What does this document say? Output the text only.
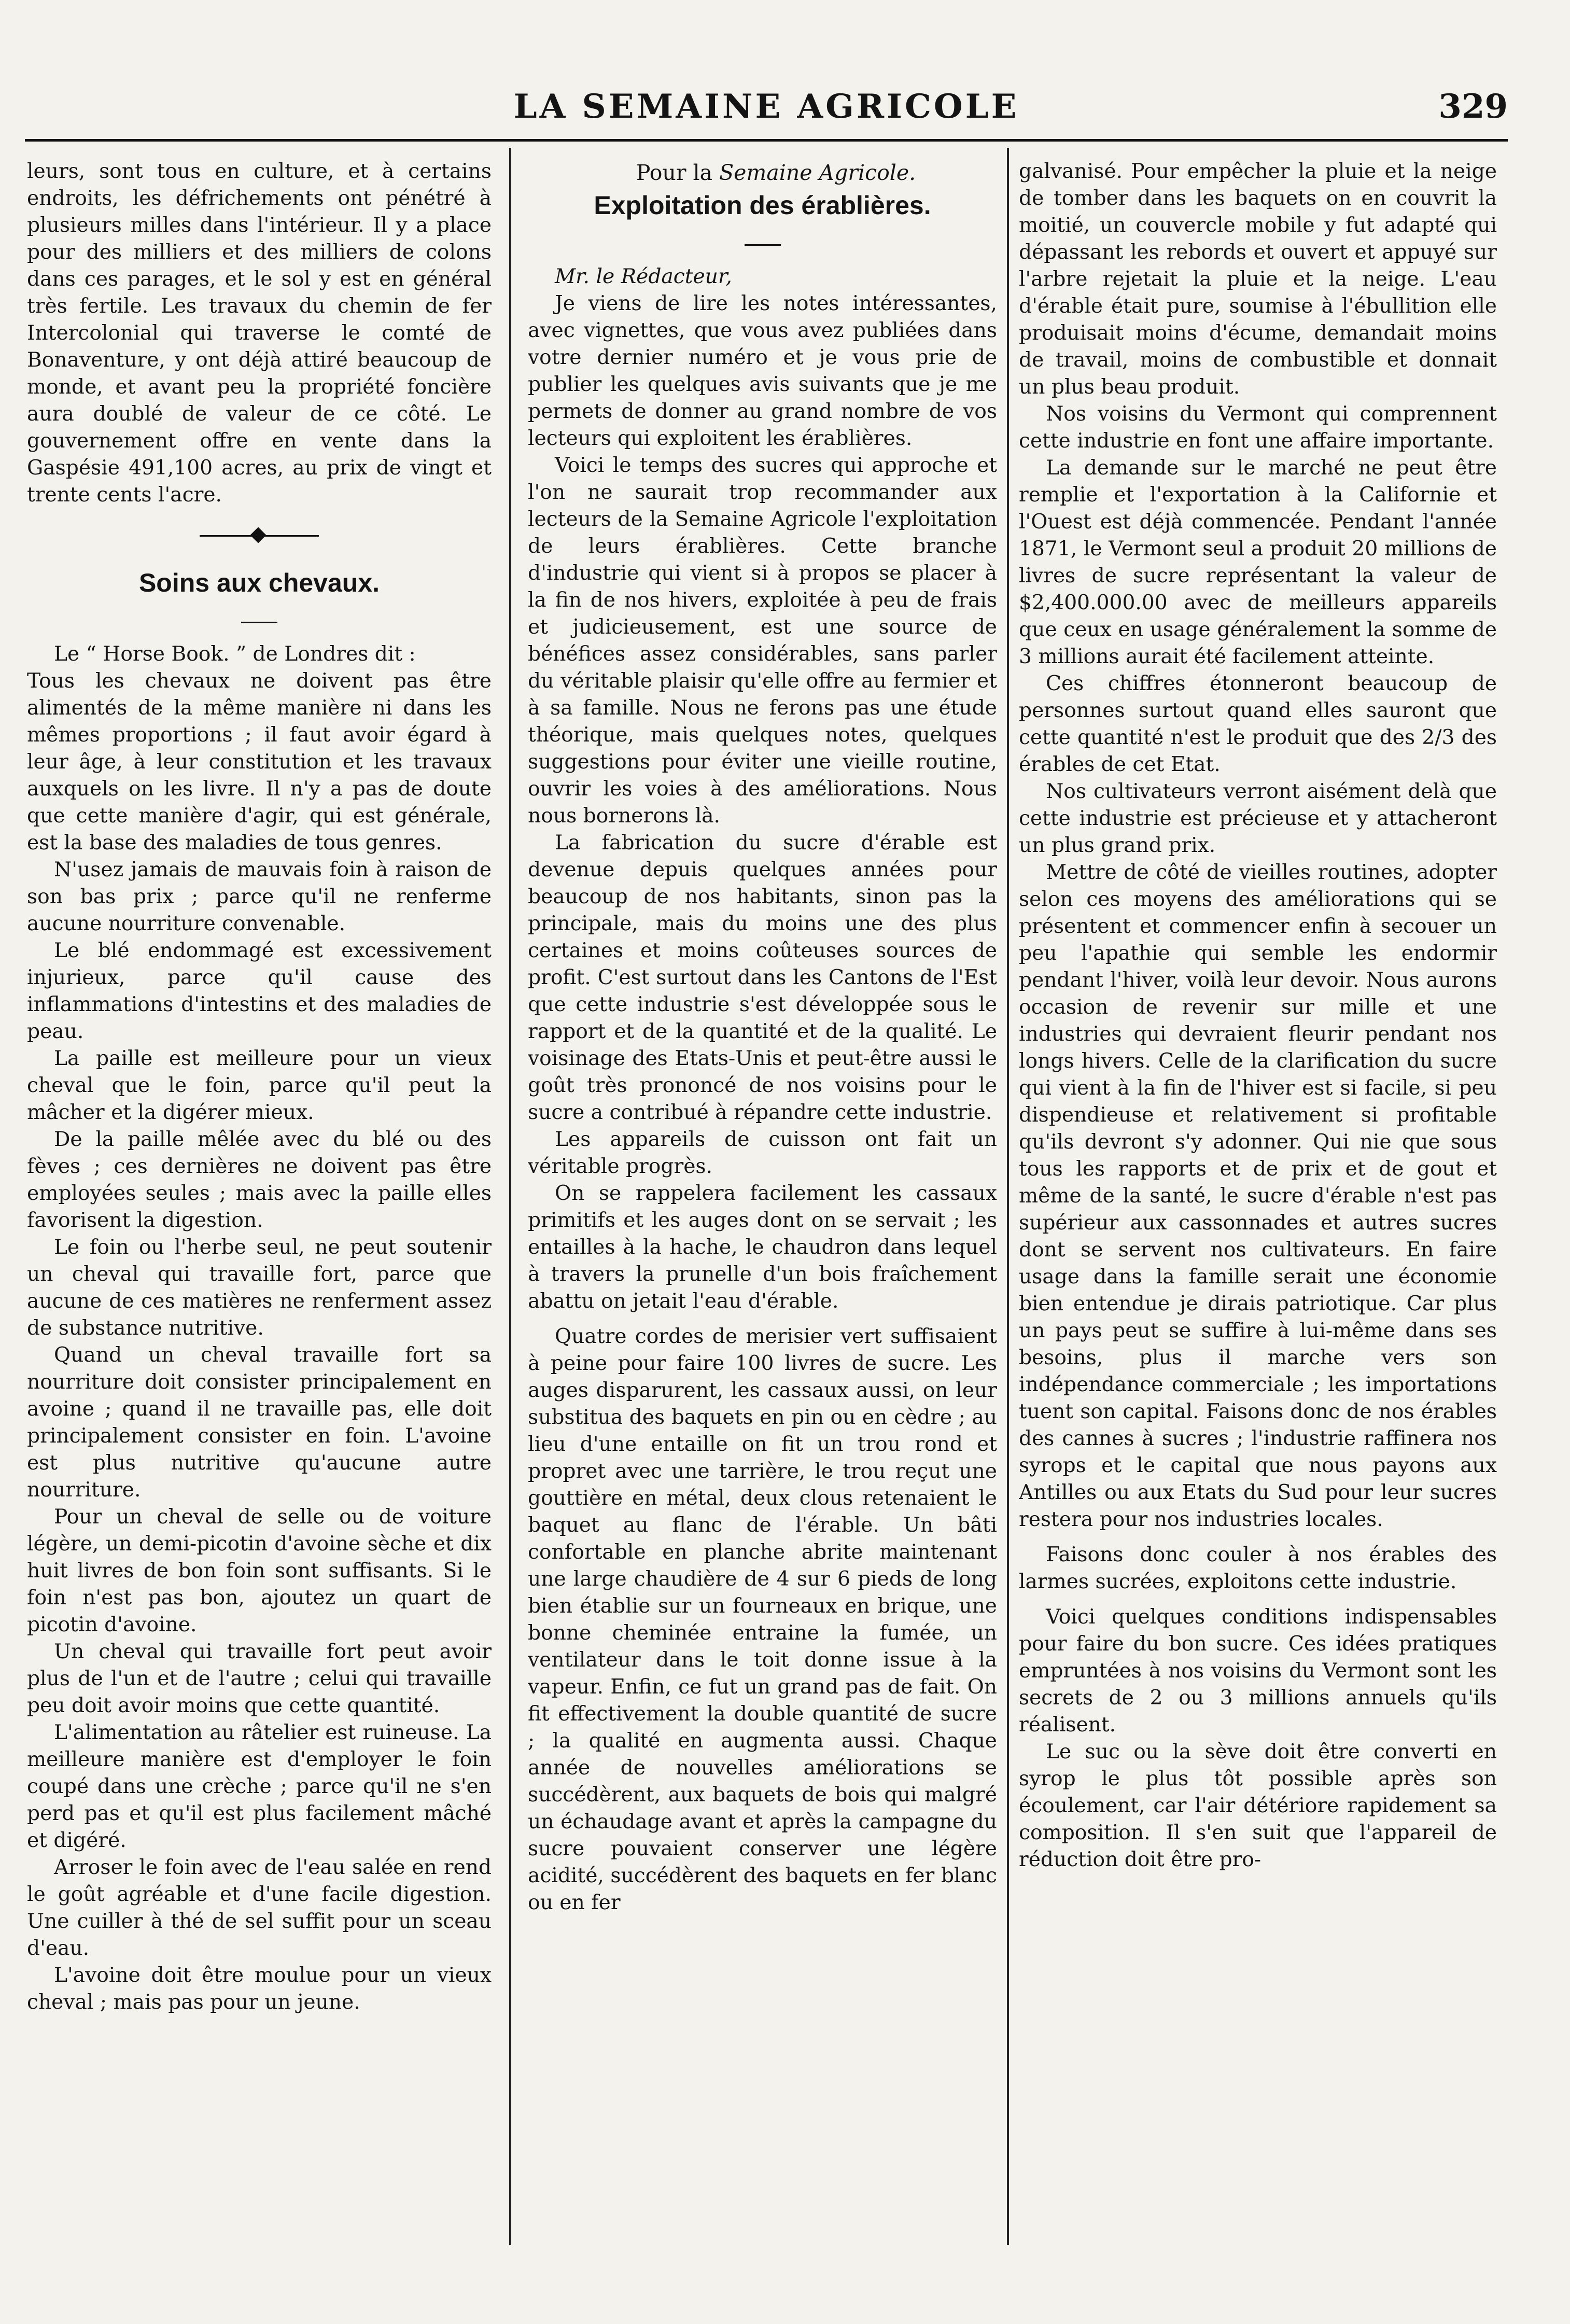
LA SEMAINE AGRICOLE	329

leurs, sont tous en culture, et à certains endroits, les défrichements ont pénétré à plusieurs milles dans l'intérieur. Il y a place pour des milliers et des milliers de colons dans ces parages, et le sol y est en général très fertile. Les travaux du chemin de fer Intercolonial qui traverse le comté de Bonaventure, y ont déjà attiré beaucoup de monde, et avant peu la propriété foncière aura doublé de valeur de ce côté. Le gouvernement offre en vente dans la Gaspésie 491,100 acres, au prix de vingt et trente cents l'acre.

Soins aux chevaux.

Le “ Horse Book. ” de Londres dit :

Tous les chevaux ne doivent pas être alimentés de la même manière ni dans les mêmes proportions ; il faut avoir égard à leur âge, à leur constitution et les travaux auxquels on les livre. Il n'y a pas de doute que cette manière d'agir, qui est générale, est la base des maladies de tous genres.

N'usez jamais de mauvais foin à raison de son bas prix ; parce qu'il ne renferme aucune nourriture convenable.

Le blé endommagé est excessivement injurieux, parce qu'il cause des inflammations d'intestins et des maladies de peau.

La paille est meilleure pour un vieux cheval que le foin, parce qu'il peut la mâcher et la digérer mieux.

De la paille mêlée avec du blé ou des fèves ; ces dernières ne doivent pas être employées seules ; mais avec la paille elles favorisent la digestion.

Le foin ou l'herbe seul, ne peut soutenir un cheval qui travaille fort, parce que aucune de ces matières ne renferment assez de substance nutritive.

Quand un cheval travaille fort sa nourriture doit consister principalement en avoine ; quand il ne travaille pas, elle doit principalement consister en foin. L'avoine est plus nutritive qu'aucune autre nourriture.

Pour un cheval de selle ou de voiture légère, un demi-picotin d'avoine sèche et dix huit livres de bon foin sont suffisants. Si le foin n'est pas bon, ajoutez un quart de picotin d'avoine.

Un cheval qui travaille fort peut avoir plus de l'un et de l'autre ; celui qui travaille peu doit avoir moins que cette quantité.

L'alimentation au râtelier est ruineuse. La meilleure manière est d'employer le foin coupé dans une crèche ; parce qu'il ne s'en perd pas et qu'il est plus facilement mâché et digéré.

Arroser le foin avec de l'eau salée en rend le goût agréable et d'une facile digestion. Une cuiller à thé de sel suffit pour un sceau d'eau.

L'avoine doit être moulue pour un vieux cheval ; mais pas pour un jeune.

Pour la Semaine Agricole.

Exploitation des érablières.

Mr. le Rédacteur,

Je viens de lire les notes intéressantes, avec vignettes, que vous avez publiées dans votre dernier numéro et je vous prie de publier les quelques avis suivants que je me permets de donner au grand nombre de vos lecteurs qui exploitent les érablières.

Voici le temps des sucres qui approche et l'on ne saurait trop recommander aux lecteurs de la Semaine Agricole l'exploitation de leurs érablières. Cette branche d'industrie qui vient si à propos se placer à la fin de nos hivers, exploitée à peu de frais et judicieusement, est une source de bénéfices assez considérables, sans parler du véritable plaisir qu'elle offre au fermier et à sa famille. Nous ne ferons pas une étude théorique, mais quelques notes, quelques suggestions pour éviter une vieille routine, ouvrir les voies à des améliorations. Nous nous bornerons là.

La fabrication du sucre d'érable est devenue depuis quelques années pour beaucoup de nos habitants, sinon pas la principale, mais du moins une des plus certaines et moins coûteuses sources de profit. C'est surtout dans les Cantons de l'Est que cette industrie s'est développée sous le rapport et de la quantité et de la qualité. Le voisinage des Etats-Unis et peut-être aussi le goût très prononcé de nos voisins pour le sucre a contribué à répandre cette industrie.

Les appareils de cuisson ont fait un véritable progrès.

On se rappelera facilement les cassaux primitifs et les auges dont on se servait ; les entailles à la hache, le chaudron dans lequel à travers la prunelle d'un bois fraîchement abattu on jetait l'eau d'érable.

Quatre cordes de merisier vert suffisaient à peine pour faire 100 livres de sucre. Les auges disparurent, les cassaux aussi, on leur substitua des baquets en pin ou en cèdre ; au lieu d'une entaille on fit un trou rond et propret avec une tarrière, le trou reçut une gouttière en métal, deux clous retenaient le baquet au flanc de l'érable. Un bâti confortable en planche abrite maintenant une large chaudière de 4 sur 6 pieds de long bien établie sur un fourneaux en brique, une bonne cheminée entraine la fumée, un ventilateur dans le toit donne issue à la vapeur. Enfin, ce fut un grand pas de fait. On fit effectivement la double quantité de sucre ; la qualité en augmenta aussi. Chaque année de nouvelles améliorations se succédèrent, aux baquets de bois qui malgré un échaudage avant et après la campagne du sucre pouvaient conserver une légère acidité, succédèrent des baquets en fer blanc ou en fer

galvanisé. Pour empêcher la pluie et la neige de tomber dans les baquets on en couvrit la moitié, un couvercle mobile y fut adapté qui dépassant les rebords et ouvert et appuyé sur l'arbre rejetait la pluie et la neige. L'eau d'érable était pure, soumise à l'ébullition elle produisait moins d'écume, demandait moins de travail, moins de combustible et donnait un plus beau produit.

Nos voisins du Vermont qui comprennent cette industrie en font une affaire importante.

La demande sur le marché ne peut être remplie et l'exportation à la Californie et l'Ouest est déjà commencée. Pendant l'année 1871, le Vermont seul a produit 20 millions de livres de sucre représentant la valeur de $2,400.000.00 avec de meilleurs appareils que ceux en usage généralement la somme de 3 millions aurait été facilement atteinte.

Ces chiffres étonneront beaucoup de personnes surtout quand elles sauront que cette quantité n'est le produit que des 2/3 des érables de cet Etat.

Nos cultivateurs verront aisément delà que cette industrie est précieuse et y attacheront un plus grand prix.

Mettre de côté de vieilles routines, adopter selon ces moyens des améliorations qui se présentent et commencer enfin à secouer un peu l'apathie qui semble les endormir pendant l'hiver, voilà leur devoir. Nous aurons occasion de revenir sur mille et une industries qui devraient fleurir pendant nos longs hivers. Celle de la clarification du sucre qui vient à la fin de l'hiver est si facile, si peu dispendieuse et relativement si profitable qu'ils devront s'y adonner. Qui nie que sous tous les rapports et de prix et de gout et même de la santé, le sucre d'érable n'est pas supérieur aux cassonnades et autres sucres dont se servent nos cultivateurs. En faire usage dans la famille serait une économie bien entendue je dirais patriotique. Car plus un pays peut se suffire à lui-même dans ses besoins, plus il marche vers son indépendance commerciale ; les importations tuent son capital. Faisons donc de nos érables des cannes à sucres ; l'industrie raffinera nos syrops et le capital que nous payons aux Antilles ou aux Etats du Sud pour leur sucres restera pour nos industries locales.

Faisons donc couler à nos érables des larmes sucrées, exploitons cette industrie.

Voici quelques conditions indispensables pour faire du bon sucre. Ces idées pratiques empruntées à nos voisins du Vermont sont les secrets de 2 ou 3 millions annuels qu'ils réalisent.

Le suc ou la sève doit être converti en syrop le plus tôt possible après son écoulement, car l'air détériore rapidement sa composition. Il s'en suit que l'appareil de réduction doit être pro-
